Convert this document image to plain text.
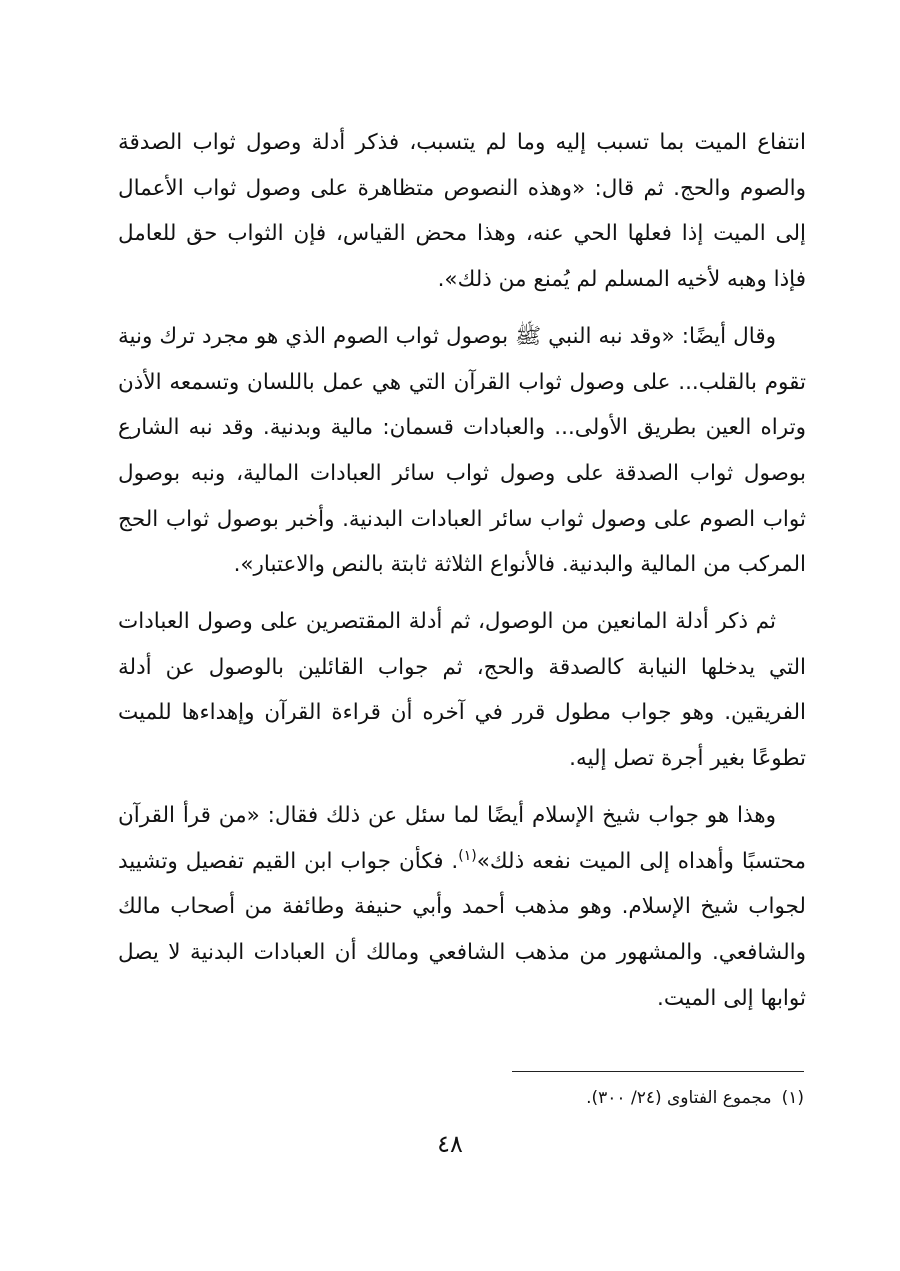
انتفاع الميت بما تسبب إليه وما لم يتسبب، فذكر أدلة وصول ثواب الصدقة والصوم والحج. ثم قال: «وهذه النصوص متظاهرة على وصول ثواب الأعمال إلى الميت إذا فعلها الحي عنه، وهذا محض القياس، فإن الثواب حق للعامل فإذا وهبه لأخيه المسلم لم يُمنع من ذلك».

وقال أيضًا: «وقد نبه النبي ﷺ بوصول ثواب الصوم الذي هو مجرد ترك ونية تقوم بالقلب... على وصول ثواب القرآن التي هي عمل باللسان وتسمعه الأذن وتراه العين بطريق الأولى... والعبادات قسمان: مالية وبدنية. وقد نبه الشارع بوصول ثواب الصدقة على وصول ثواب سائر العبادات المالية، ونبه بوصول ثواب الصوم على وصول ثواب سائر العبادات البدنية. وأخبر بوصول ثواب الحج المركب من المالية والبدنية. فالأنواع الثلاثة ثابتة بالنص والاعتبار».

ثم ذكر أدلة المانعين من الوصول، ثم أدلة المقتصرين على وصول العبادات التي يدخلها النيابة كالصدقة والحج، ثم جواب القائلين بالوصول عن أدلة الفريقين. وهو جواب مطول قرر في آخره أن قراءة القرآن وإهداءها للميت تطوعًا بغير أجرة تصل إليه.

وهذا هو جواب شيخ الإسلام أيضًا لما سئل عن ذلك فقال: «من قرأ القرآن محتسبًا وأهداه إلى الميت نفعه ذلك»$^{(١)}$. فكأن جواب ابن القيم تفصيل وتشييد لجواب شيخ الإسلام. وهو مذهب أحمد وأبي حنيفة وطائفة من أصحاب مالك والشافعي. والمشهور من مذهب الشافعي ومالك أن العبادات البدنية لا يصل ثوابها إلى الميت.

(١)مجموع الفتاوى (٢٤/ ٣٠٠).

٤٨
